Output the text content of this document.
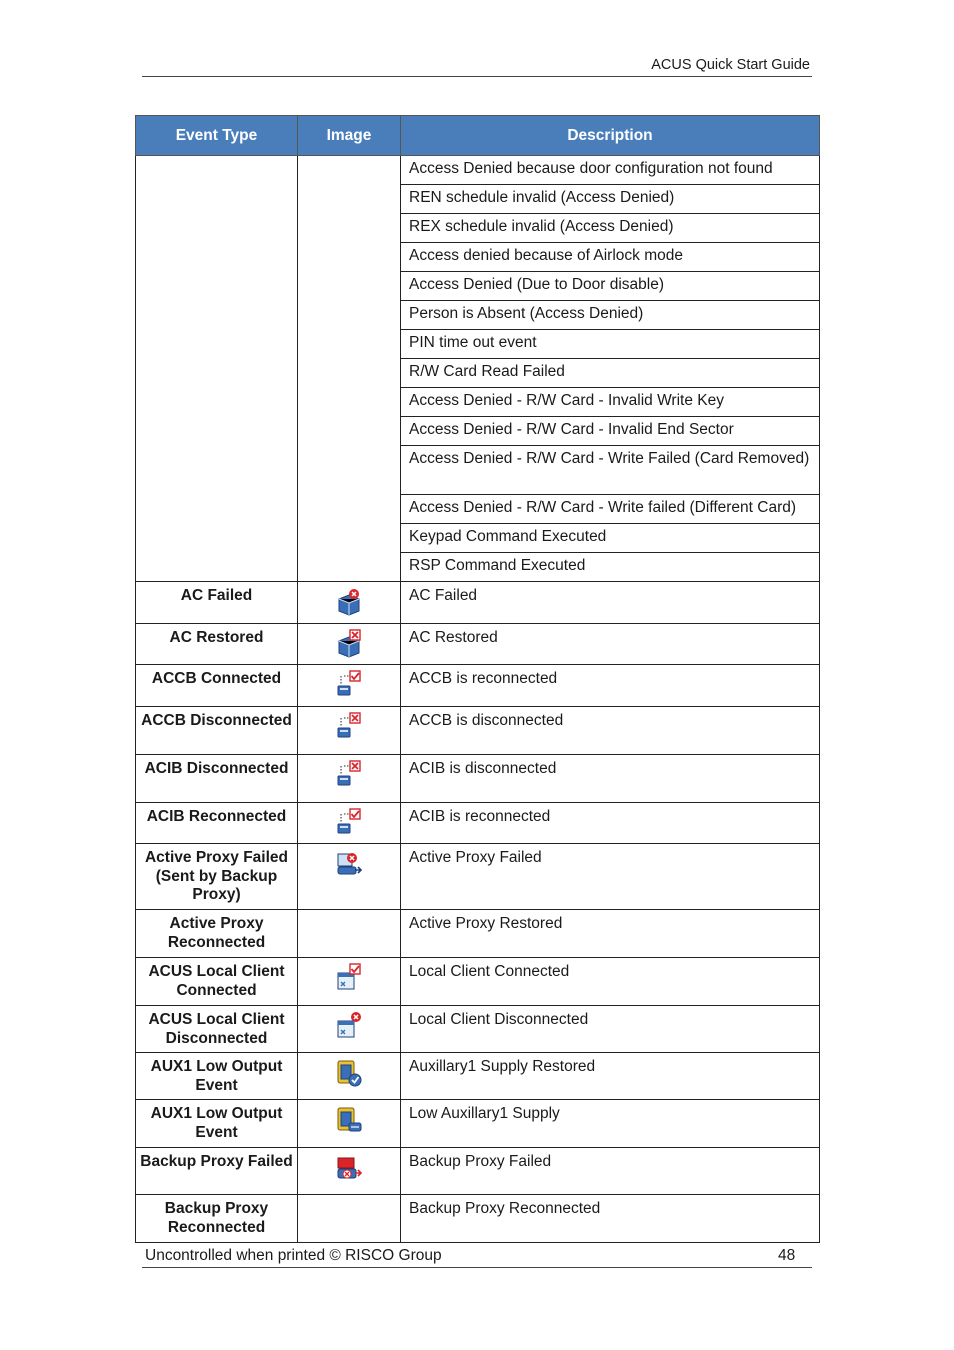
ACUS Quick Start Guide
Event Type	Image	Description
		Access Denied because door configuration not found
		REN schedule invalid (Access Denied)
		REX schedule invalid (Access Denied)
		Access denied because of Airlock mode
		Access Denied (Due to Door disable)
		Person is Absent (Access Denied)
		PIN time out event
		R/W Card Read Failed
		Access Denied - R/W Card - Invalid Write Key
		Access Denied - R/W Card - Invalid End Sector
		Access Denied - R/W Card - Write Failed (Card Removed)
		Access Denied - R/W Card - Write failed (Different Card)
		Keypad Command Executed
		RSP Command Executed
AC Failed		AC Failed
AC Restored		AC Restored
ACCB Connected		ACCB is reconnected
ACCB Disconnected		ACCB is disconnected
ACIB Disconnected		ACIB is disconnected
ACIB Reconnected		ACIB is reconnected
Active Proxy Failed (Sent by Backup Proxy)		Active Proxy Failed
Active Proxy Reconnected		Active Proxy Restored
ACUS Local Client Connected		Local Client Connected
ACUS Local Client Disconnected		Local Client Disconnected
AUX1 Low Output Event		Auxillary1 Supply Restored
AUX1 Low Output Event		Low Auxillary1 Supply
Backup Proxy Failed		Backup Proxy Failed
Backup Proxy Reconnected		Backup Proxy Reconnected
Uncontrolled when printed © RISCO Group	48
